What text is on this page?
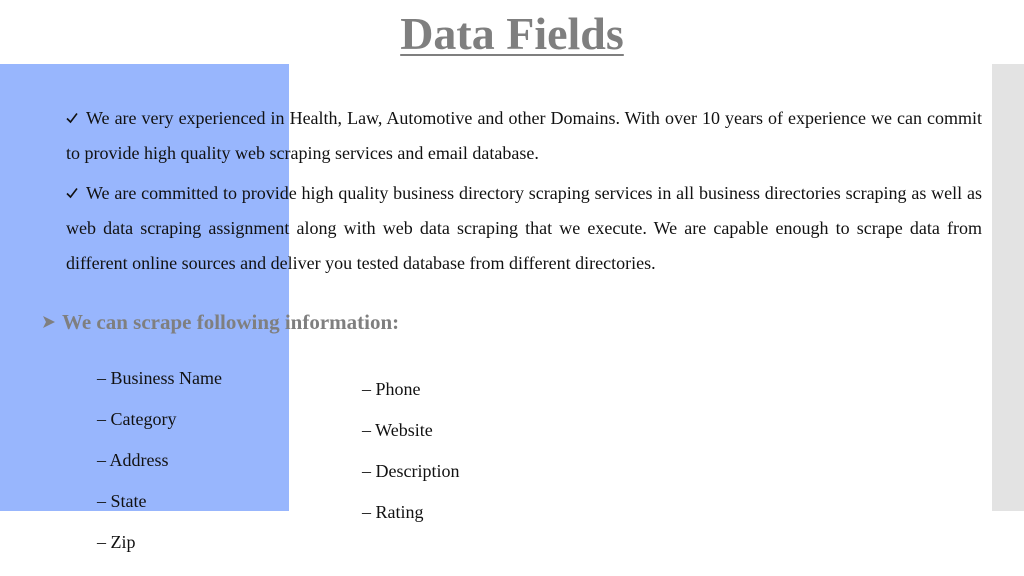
Data Fields

We are very experienced in Health, Law, Automotive and other Domains. With over 10 years of experience we can commit to provide high quality web scraping services and email database.

We are committed to provide high quality business directory scraping services in all business directories scraping as well as web data scraping assignment along with web data scraping that we execute. We are capable enough to scrape data from different online sources and deliver you tested database from different directories.

We can scrape following information:
– Business Name
– Category
– Address
– State
– Zip
– Phone
– Website
– Description
– Rating
